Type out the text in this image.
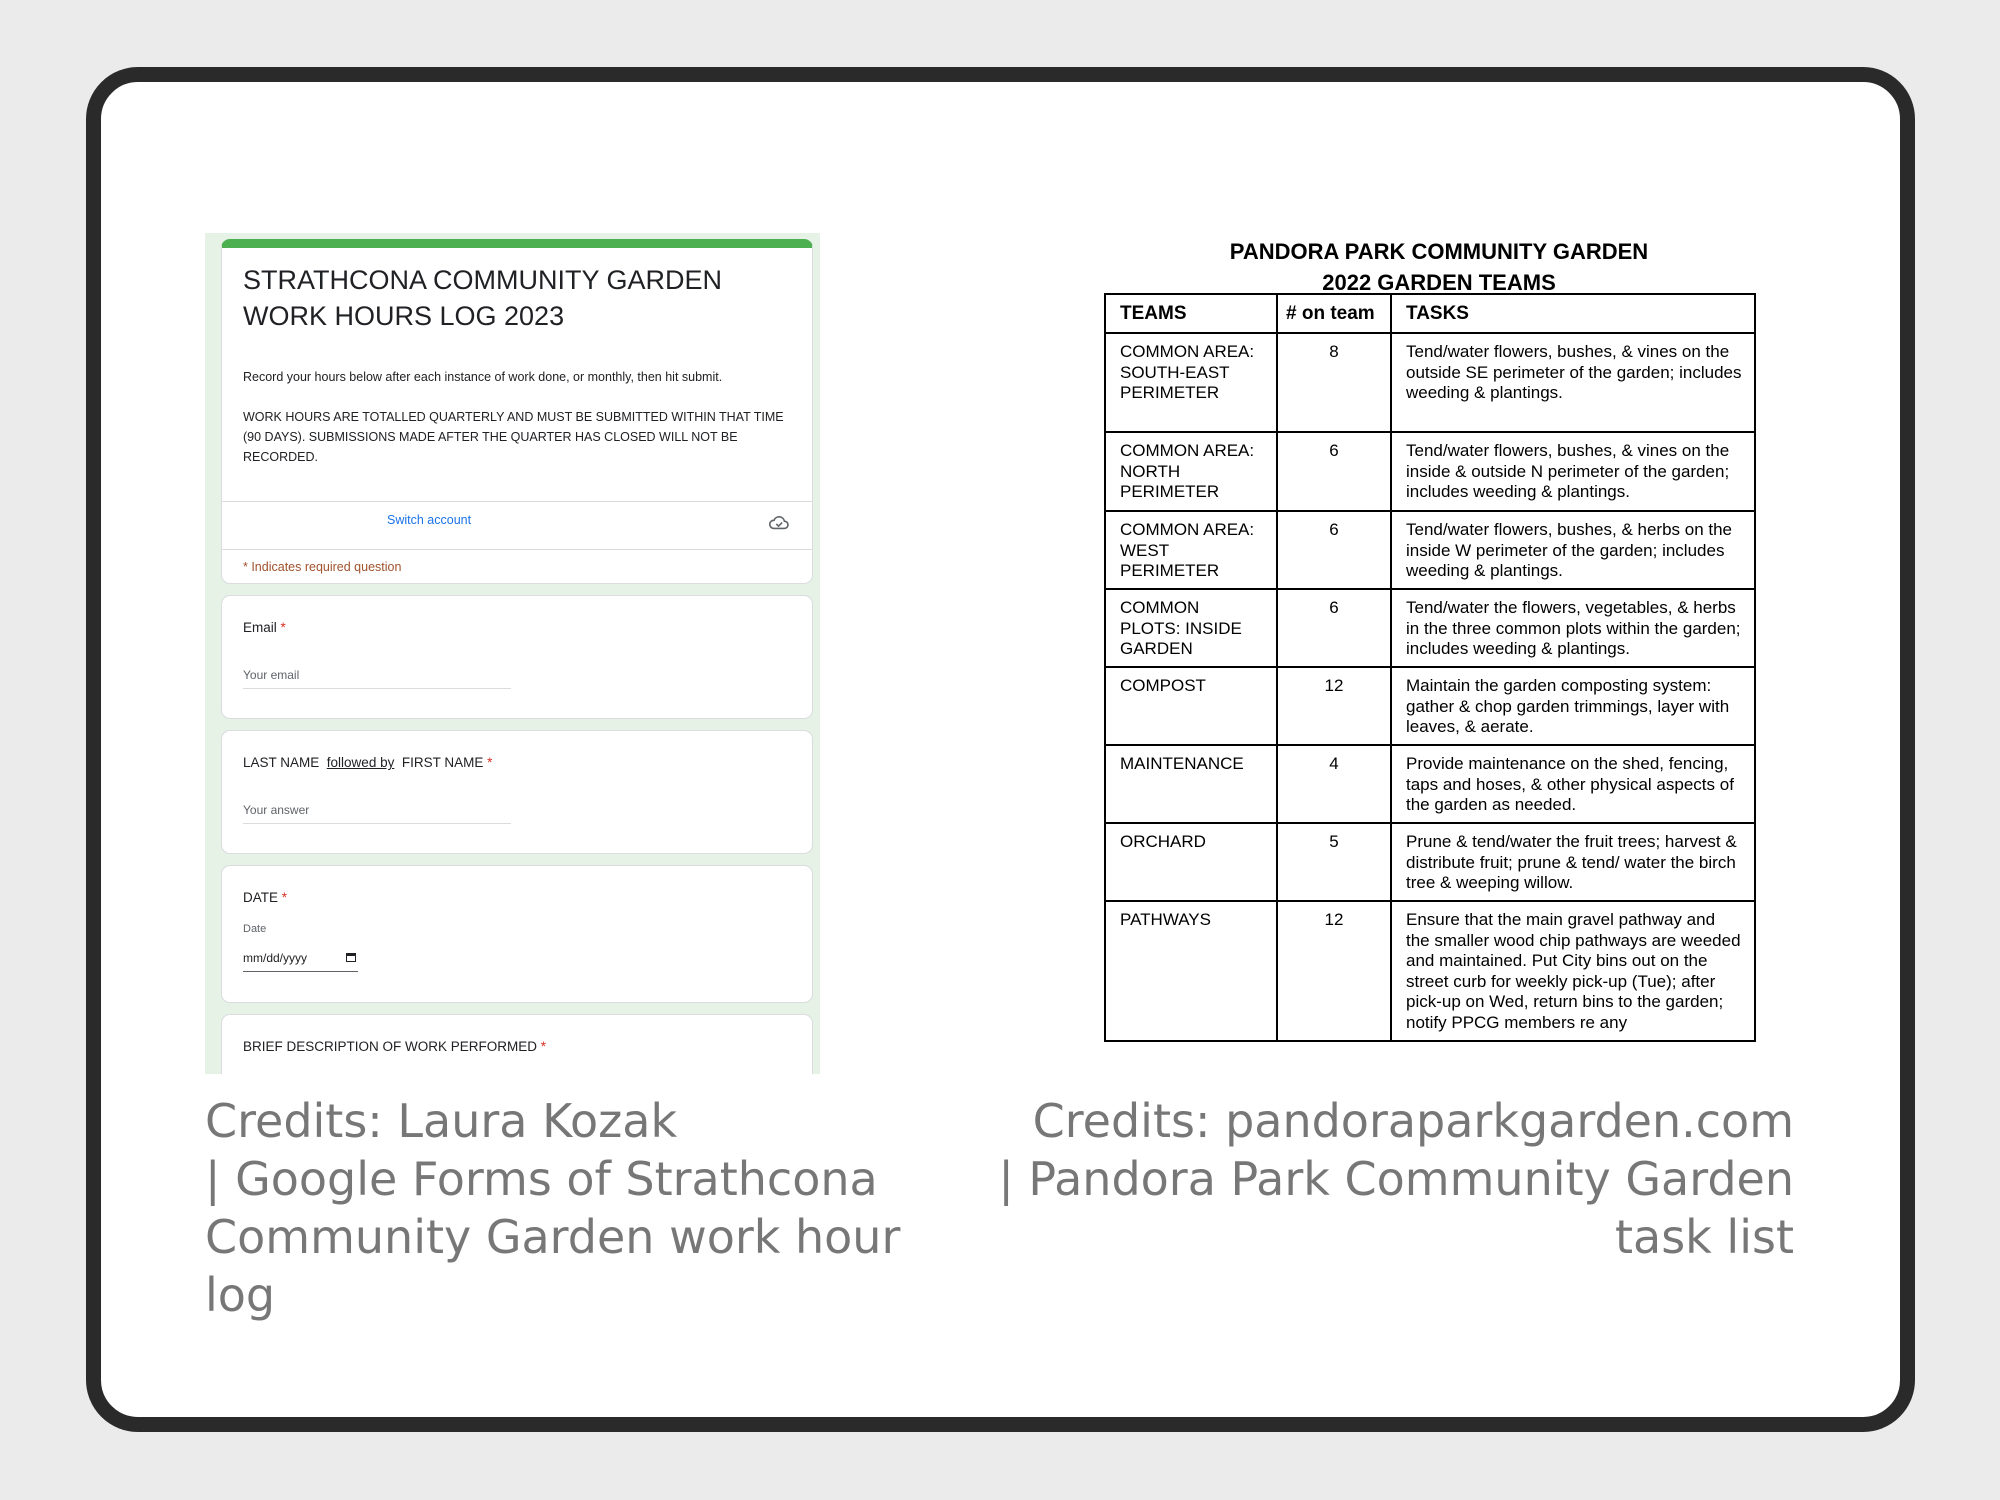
STRATHCONA COMMUNITY GARDEN
WORK HOURS LOG 2023

Record your hours below after each instance of work done, or monthly, then hit submit.

WORK HOURS ARE TOTALLED QUARTERLY AND MUST BE SUBMITTED WITHIN THAT TIME (90 DAYS). SUBMISSIONS MADE AFTER THE QUARTER HAS CLOSED WILL NOT BE RECORDED.

Switch account
* Indicates required question
Email *
Your email
LAST NAME followed by FIRST NAME *
Your answer
DATE *
Date
mm/dd/yyyy
BRIEF DESCRIPTION OF WORK PERFORMED *
PANDORA PARK COMMUNITY GARDEN
2022 GARDEN TEAMS
TEAMS	# on team	TASKS
COMMON AREA: SOUTH-EAST PERIMETER	8	Tend/water flowers, bushes, & vines on the outside SE perimeter of the garden; includes weeding & plantings.
COMMON AREA: NORTH PERIMETER	6	Tend/water flowers, bushes, & vines on the inside & outside N perimeter of the garden; includes weeding & plantings.
COMMON AREA: WEST PERIMETER	6	Tend/water flowers, bushes, & herbs on the inside W perimeter of the garden; includes weeding & plantings.
COMMON PLOTS: INSIDE GARDEN	6	Tend/water the flowers, vegetables, & herbs in the three common plots within the garden; includes weeding & plantings.
COMPOST	12	Maintain the garden composting system: gather & chop garden trimmings, layer with leaves, & aerate.
MAINTENANCE	4	Provide maintenance on the shed, fencing, taps and hoses, & other physical aspects of the garden as needed.
ORCHARD	5	Prune & tend/water the fruit trees; harvest & distribute fruit; prune & tend/ water the birch tree & weeping willow.
PATHWAYS	12	Ensure that the main gravel pathway and the smaller wood chip pathways are weeded and maintained. Put City bins out on the street curb for weekly pick-up (Tue); after pick-up on Wed, return bins to the garden; notify PPCG members re any
Credits: Laura Kozak
| Google Forms of Strathcona
Community Garden work hour log
Credits: pandoraparkgarden.com
| Pandora Park Community Garden
task list
